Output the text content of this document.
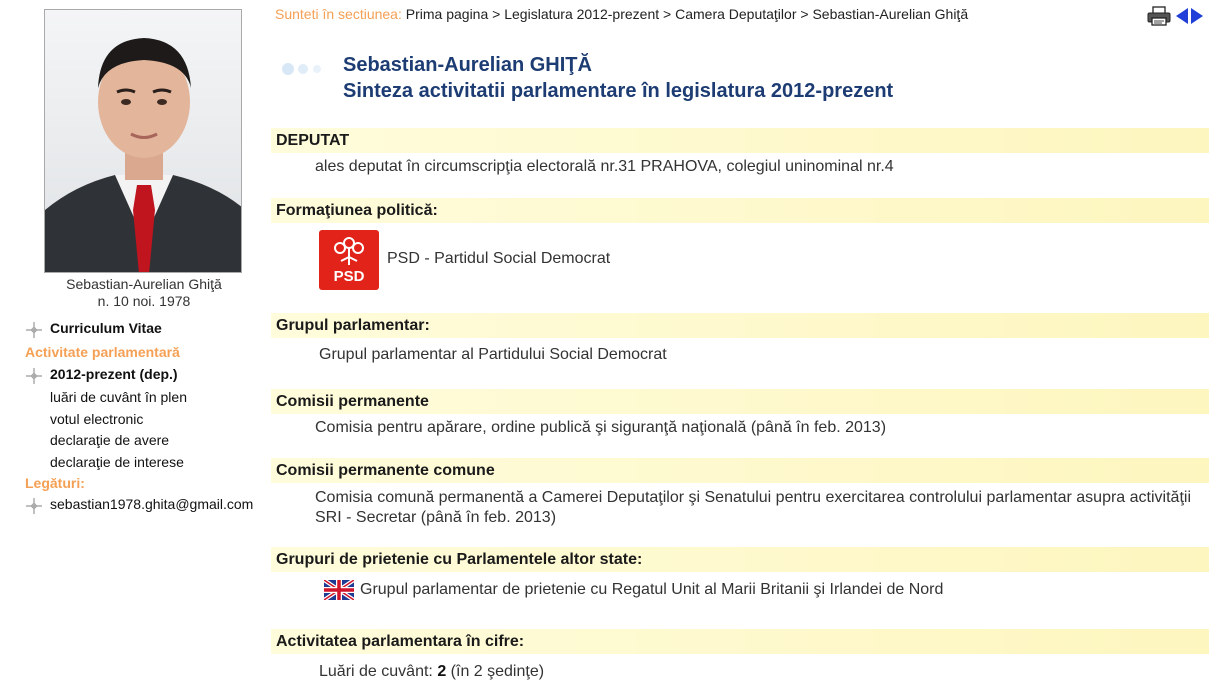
Sebastian-Aurelian Ghiţă
n. 10 noi. 1978
Curriculum Vitae
Activitate parlamentară
2012-prezent (dep.)
luări de cuvânt în plen
votul electronic
declaraţie de avere
declaraţie de interese
Legături:
sebastian1978.ghita@gmail.com
Sunteti în sectiunea: Prima pagina > Legislatura 2012-prezent > Camera Deputaţilor > Sebastian-Aurelian Ghiţă
Sebastian-Aurelian GHIŢĂ
Sinteza activitatii parlamentare în legislatura 2012-prezent
DEPUTAT
ales deputat în circumscripţia electorală nr.31 PRAHOVA, colegiul uninominal nr.4
Formaţiunea politică:
PSD
PSD - Partidul Social Democrat
Grupul parlamentar:
Grupul parlamentar al Partidului Social Democrat
Comisii permanente
Comisia pentru apărare, ordine publică şi siguranţă naţională (până în feb. 2013)
Comisii permanente comune
Comisia comună permanentă a Camerei Deputaţilor şi Senatului pentru exercitarea controlului parlamentar asupra activităţii SRI - Secretar (până în feb. 2013)
Grupuri de prietenie cu Parlamentele altor state:
Grupul parlamentar de prietenie cu Regatul Unit al Marii Britanii şi Irlandei de Nord
Activitatea parlamentara în cifre:
Luări de cuvânt: 2 (în 2 şedinţe)
